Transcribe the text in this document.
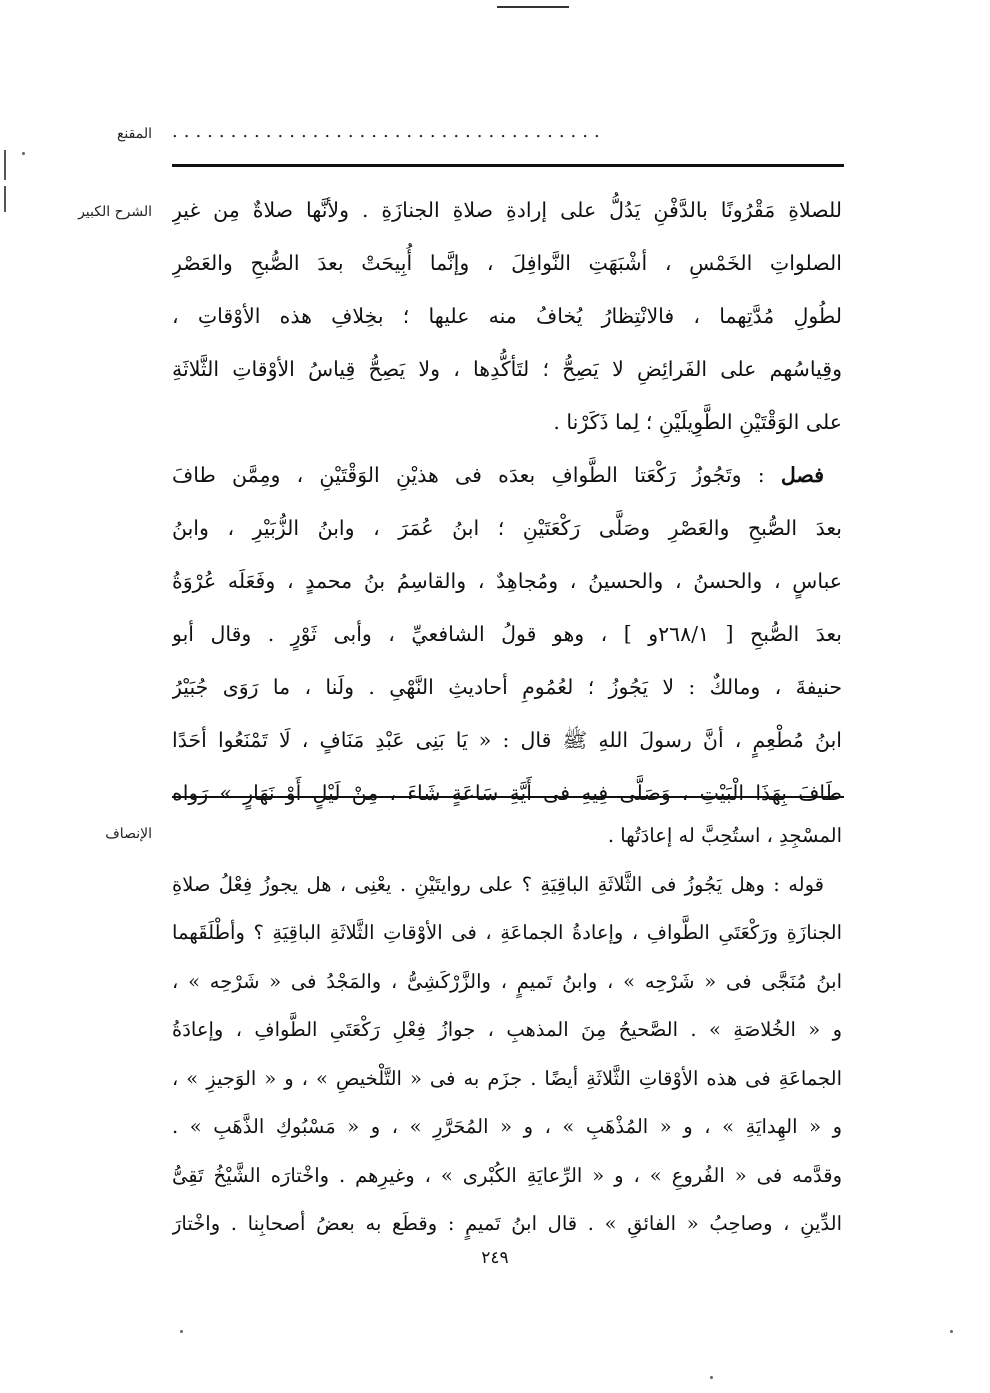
المقنع .....................................
الشرح الكبير للصلاةِ مَقْرُونًا بالدَّفْنِ يَدُلُّ على إرادةِ صلاةِ الجنازَةِ . ولأنَّها صلاةٌ مِن غيرِ
الصلواتِ الخَمْسِ ، أشْبَهَتِ النَّوافِلَ ، وإنَّما أُبِيحَتْ بعدَ الصُّبحِ والعَصْرِ
لطُولِ مُدَّتِهما ، فالانْتِظارُ يُخافُ منه عليها ؛ بخِلافِ هذه الأوْقاتِ ،
وقِياسُهم على الفَرائِضِ لا يَصِحُّ ؛ لتَأكُّدِها ، ولا يَصِحُّ قِياسُ الأوْقاتِ الثَّلاثَةِ
على الوَقْتَيْنِ الطَّوِيلَيْنِ ؛ لِما ذَكَرْنا .
فصل : وتَجُوزُ رَكْعَتا الطَّوافِ بعدَه فى هذيْنِ الوَقْتَيْنِ ، ومِمَّن طافَ
بعدَ الصُّبحِ والعَصْرِ وصَلَّى رَكْعَتَيْنِ ؛ ابنُ عُمَرَ ، وابنُ الزُّبَيْرِ ، وابنُ
عباسٍ ، والحسنُ ، والحسينُ ، ومُجاهِدٌ ، والقاسِمُ بنُ محمدٍ ، وفَعَلَه عُرْوَةُ
بعدَ الصُّبحِ [ ٢٦٨/١و ] ، وهو قولُ الشافعيِّ ، وأبى ثَوْرٍ . وقال أبو
حنيفةَ ، ومالكٌ : لا يَجُوزُ ؛ لعُمُومِ أحاديثِ النَّهْىِ . ولَنا ، ما رَوَى جُبَيْرُ
ابنُ مُطْعِمٍ ، أنَّ رسولَ اللهِ ﷺ قال : « يَا بَنِى عَبْدِ مَنَافٍ ، لَا تَمْنَعُوا أحَدًا
طَافَ بِهَذَا الْبَيْتِ ، وَصَلَّى فِيهِ فى أَيَّةِ سَاعَةٍ شَاءَ ، مِنْ لَيْلٍ أَوْ نَهَارٍ » رَواه
الإنصاف	المسْجِدِ ، استُحِبَّ له إعادَتُها .
قوله : وهل يَجُوزُ فى الثَّلاثَةِ الباقِيَةِ ؟ على روايتَيْنِ . يعْنِى ، هل يجوزُ فِعْلُ صلاةِ
الجنازَةِ ورَكْعَتَىِ الطَّوافِ ، وإعادةُ الجماعَةِ ، فى الأوْقاتِ الثَّلاثَةِ الباقِيَةِ ؟ وأطْلَقَهما
ابنُ مُنَجَّى فى « شَرْحِه » ، وابنُ تَميمٍ ، والزَّرْكَشِىُّ ، والمَجْدُ فى « شَرْحِه » ،
و « الخُلاصَةِ » . الصَّحيحُ مِنَ المذهبِ ، جوازُ فِعْلِ رَكْعَتَىِ الطَّوافِ ، وإعادَةُ
الجماعَةِ فى هذه الأوْقاتِ الثَّلاثَةِ أيضًا . جزَم به فى « التَّلْخيصِ » ، و « الوَجيزِ » ،
و « الهِدايَةِ » ، و « المُذْهَبِ » ، و « المُحَرَّرِ » ، و « مَسْبُوكِ الذَّهَبِ » .
وقدَّمه فى « الفُروعِ » ، و « الرِّعايَةِ الكُبْرى » ، وغيرِهم . واخْتارَه الشَّيْخُ تَقِىُّ
الدِّينِ ، وصاحِبُ « الفائقِ » . قال ابنُ تَميمٍ : وقطَع به بعضُ أصحابِنا . واخْتارَ
٢٤٩
